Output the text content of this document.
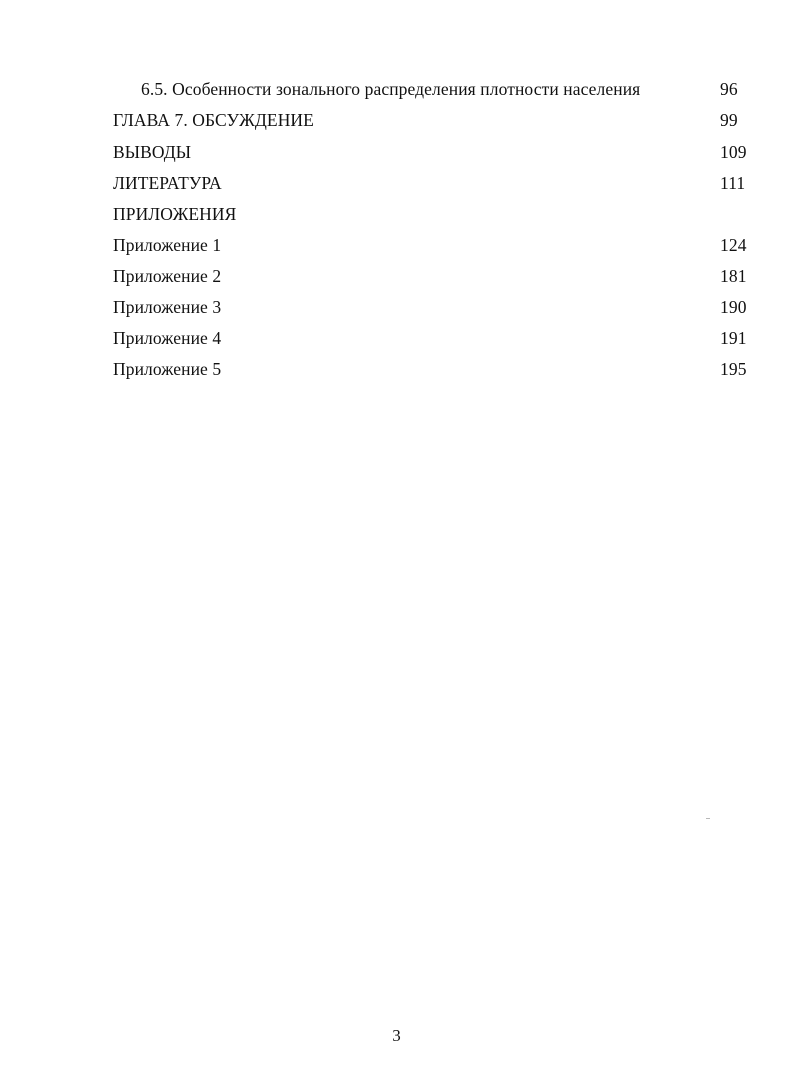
6.5. Особенности зонального распределения плотности населения	96
ГЛАВА 7. ОБСУЖДЕНИЕ	99
ВЫВОДЫ	109
ЛИТЕРАТУРА	111
ПРИЛОЖЕНИЯ
Приложение 1	124
Приложение 2	181
Приложение 3	190
Приложение 4	191
Приложение 5	195
3
